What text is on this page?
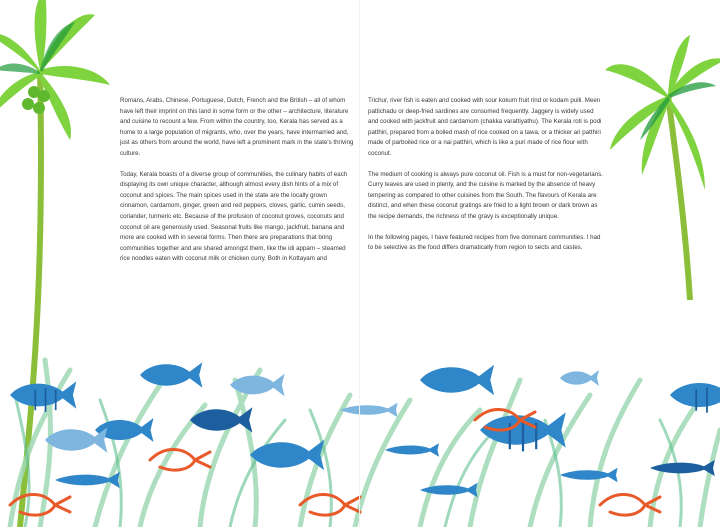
Romans, Arabs, Chinese, Portuguese, Dutch, French and the British – all of whom have left their imprint on this land in some form or the other – architecture, literature and cuisine to recount a few. From within the country, too, Kerala has served as a home to a large population of migrants, who, over the years, have intermarried and, just as others from around the world, have left a prominent mark in the state's thriving culture.

Today, Kerala boasts of a diverse group of communities, the culinary habits of each displaying its own unique character, although almost every dish hints of a mix of coconut and spices. The main spices used in the state are the locally grown cinnamon, cardamom, ginger, green and red peppers, cloves, garlic, cumin seeds, coriander, turmeric etc. Because of the profusion of coconut groves, coconuts and coconut oil are generously used. Seasonal fruits like mango, jackfruit, banana and more are cooked with in several forms. Then there are preparations that bring communities together and are shared amongst them, like the idi appam – steamed rice noodles eaten with coconut milk or chicken curry. Both in Kottayam and

Trichur, river fish is eaten and cooked with sour kokum fruit rind or kodam pulli. Meen pattichadu or deep-fried sardines are consumed frequently. Jaggery is widely used and cooked with jackfruit and cardamom (chakka varattiyathu). The Kerala roti is podi patthiri, prepared from a boiled mash of rice cooked on a tawa, or a thicker ari patthiri made of parboiled rice or a nai patthiri, which is like a puri made of rice flour with coconut.

The medium of cooking is always pure coconut oil. Fish is a must for non-vegetarians. Curry leaves are used in plenty, and the cuisine is marked by the absence of heavy tempering as compared to other cuisines from the South. The flavours of Kerala are distinct, and when these coconut gratings are fried to a light brown or dark brown as the recipe demands, the richness of the gravy is exceptionally unique.

In the following pages, I have featured recipes from five dominant communities. I had to be selective as the food differs dramatically from region to sects and castes.
